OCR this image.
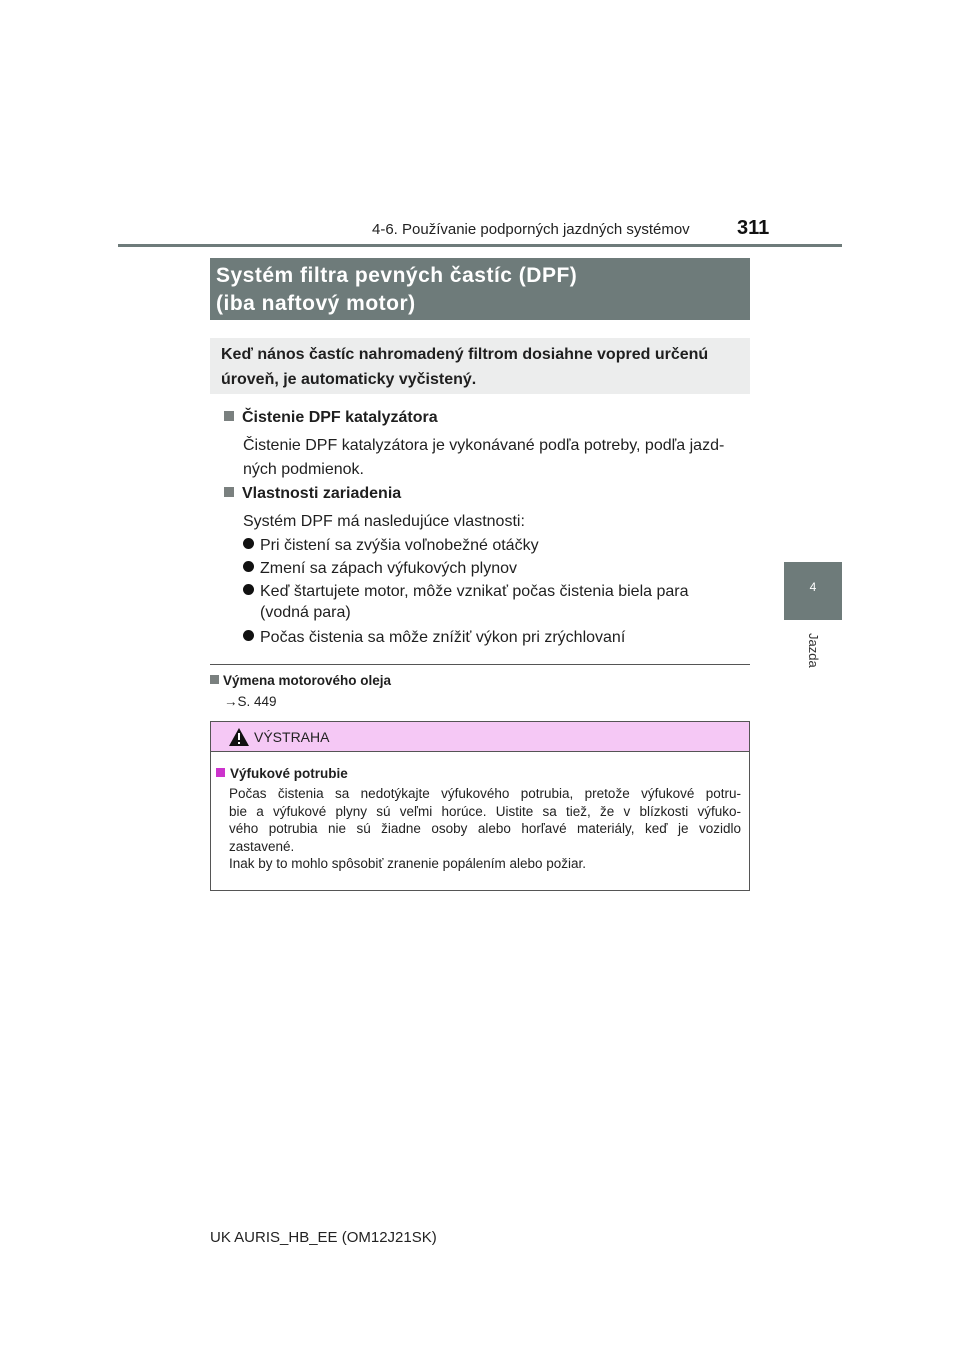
4-6. Používanie podporných jazdných systémov 311
4
Jazda
Systém filtra pevných častíc (DPF)
(iba naftový motor)
Keď nános častíc nahromadený filtrom dosiahne vopred určenú
úroveň, je automaticky vyčistený.
Čistenie DPF katalyzátora
Čistenie DPF katalyzátora je vykonávané podľa potreby, podľa jazd-
ných podmienok.
Vlastnosti zariadenia
Systém DPF má nasledujúce vlastnosti:
Pri čistení sa zvýšia voľnobežné otáčky
Zmení sa zápach výfukových plynov
Keď štartujete motor, môže vznikať počas čistenia biela para
(vodná para)
Počas čistenia sa môže znížiť výkon pri zrýchlovaní
Výmena motorového oleja
→S. 449
VÝSTRAHA
Výfukové potrubie
Počas čistenia sa nedotýkajte výfukového potrubia, pretože výfukové potru-
bie a výfukové plyny sú veľmi horúce. Uistite sa tiež, že v blízkosti výfuko-
vého potrubia nie sú žiadne osoby alebo horľavé materiály, keď je vozidlo
zastavené.
Inak by to mohlo spôsobiť zranenie popálením alebo požiar.
UK AURIS_HB_EE (OM12J21SK)
